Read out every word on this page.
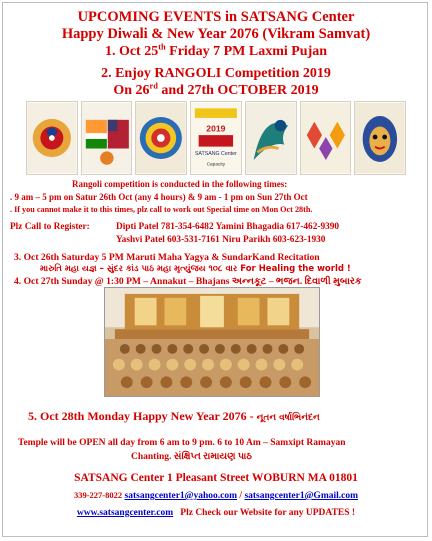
UPCOMING EVENTS in SATSANG Center
Happy Diwali & New Year 2076 (Vikram Samvat)
1. Oct 25th Friday 7 PM Laxmi Pujan
2. Enjoy RANGOLI Competition 2019
On 26rd and 27th OCTOBER 2019
2019
SATSANG Center
Capacity
Rangoli competition is conducted in the following times:
. 9 am – 5 pm on Satur 26th Oct (any 4 hours) & 9 am - 1 pm on Sun 27th Oct
. If you cannot make it to this times, plz call to work out Special time on Mon Oct 28th.
Plz Call to Register:	Dipti Patel 781-354-6482 Yamini Bhagadia 617-462-9390
Yashvi Patel 603-531-7161 Niru Parikh 603-623-1930
3. Oct 26th Saturday 5 PM Maruti Maha Yagya & SundarKand Recitation
મારુતિ મહા યજ્ઞ – સુંદર કાંડ પાઠ મહા મૃત્યુંજય ૧૦૮ વાર For Healing the world !
4. Oct 27th Sunday @ 1:30 PM – Annakut – Bhajans અન્નકૂટ – ભજન. દિવાળી મુબારક
5. Oct 28th Monday Happy New Year 2076 - નૂતન વર્ષાભિનંદન
Temple will be OPEN all day from 6 am to 9 pm. 6 to 10 Am – Samxipt Ramayan
Chanting. સંક્ષિપ્ત રામાયણ પાઠ
SATSANG Center 1 Pleasant Street WOBURN MA 01801
339-227-8022 satsangcenter1@yahoo.com / satsangcenter1@Gmail.com
www.satsangcenter.com Plz Check our Website for any UPDATES !
